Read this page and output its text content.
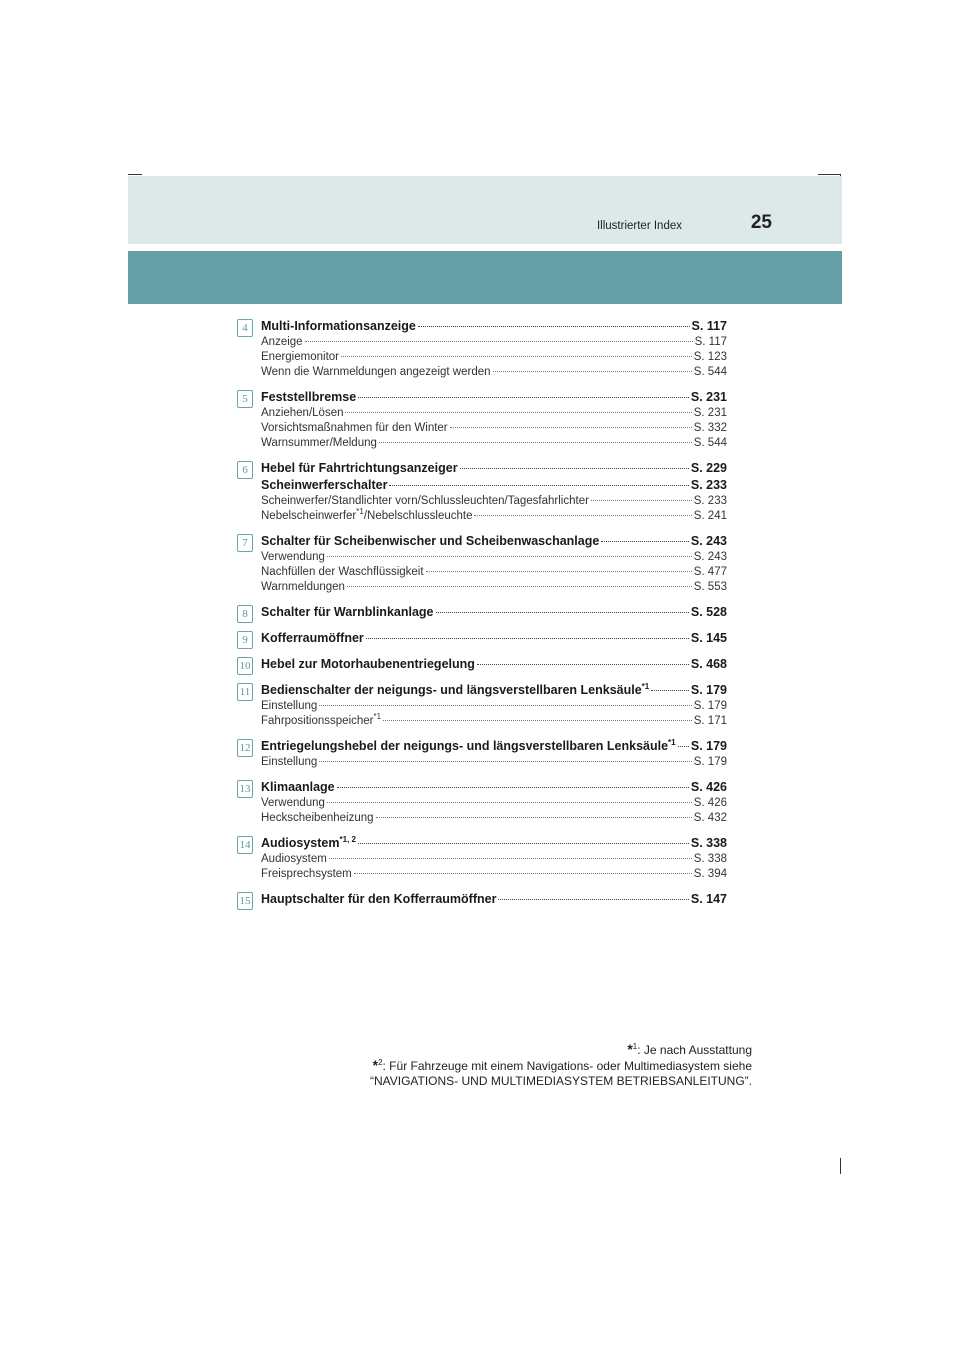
Illustrierter Index	25
4	Multi-Informationsanzeige	S. 117
Anzeige	S. 117
Energiemonitor	S. 123
Wenn die Warnmeldungen angezeigt werden	S. 544
5	Feststellbremse	S. 231
Anziehen/Lösen	S. 231
Vorsichtsmaßnahmen für den Winter	S. 332
Warnsummer/Meldung	S. 544
6	Hebel für Fahrtrichtungsanzeiger	S. 229
Scheinwerferschalter	S. 233
Scheinwerfer/Standlichter vorn/Schlussleuchten/Tagesfahrlichter	S. 233
Nebelscheinwerfer$^{*1}$/Nebelschlussleuchte	S. 241
7	Schalter für Scheibenwischer und Scheibenwaschanlage	S. 243
Verwendung	S. 243
Nachfüllen der Waschflüssigkeit	S. 477
Warnmeldungen	S. 553
8	Schalter für Warnblinkanlage	S. 528
9	Kofferraumöffner	S. 145
10 Hebel zur Motorhaubenentriegelung	S. 468
11 Bedienschalter der neigungs- und längsverstellbaren Lenksäule$^{*1}$	S. 179
Einstellung	S. 179
Fahrpositionsspeicher$^{*1}$	S. 171
12 Entriegelungshebel der neigungs- und längsverstellbaren Lenksäule$^{*1}$ S. 179
Einstellung	S. 179
13 Klimaanlage	S. 426
Verwendung	S. 426
Heckscheibenheizung	S. 432
14 Audiosystem$^{*1, 2}$	S. 338
Audiosystem	S. 338
Freisprechsystem	S. 394
15 Hauptschalter für den Kofferraumöffner	S. 147
*$^1$: Je nach Ausstattung
*$^2$: Für Fahrzeuge mit einem Navigations- oder Multimediasystem siehe
“NAVIGATIONS- UND MULTIMEDIASYSTEM BETRIEBSANLEITUNG”.
